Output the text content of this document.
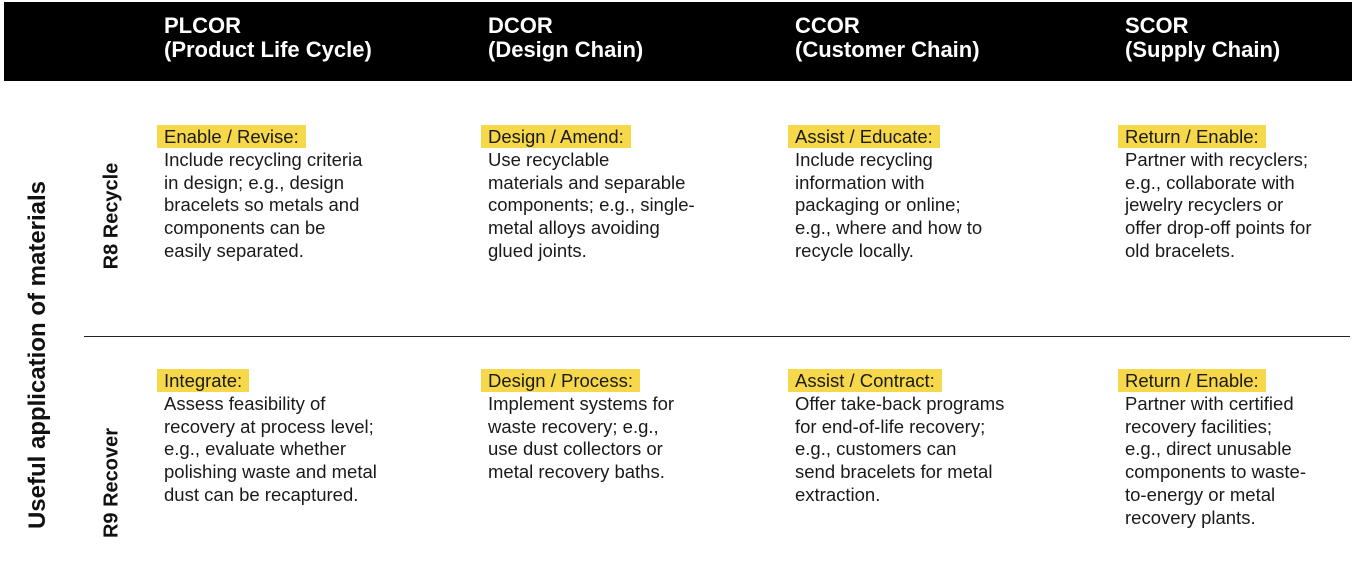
PLCOR
(Product Life Cycle)
DCOR
(Design Chain)
CCOR
(Customer Chain)
SCOR
(Supply Chain)
Useful application of materials R8 Recycle
R9 Recover
Enable / Revise:
Include recycling criteria
in design; e.g., design
bracelets so metals and
components can be
easily separated.
Design / Amend:
Use recyclable
materials and separable
components; e.g., single-
metal alloys avoiding
glued joints.
Assist / Educate:
Include recycling
information with
packaging or online;
e.g., where and how to
recycle locally.
Return / Enable:
Partner with recyclers;
e.g., collaborate with
jewelry recyclers or
offer drop-off points for
old bracelets.
Integrate:
Assess feasibility of
recovery at process level;
e.g., evaluate whether
polishing waste and metal
dust can be recaptured.
Design / Process:
Implement systems for
waste recovery; e.g.,
use dust collectors or
metal recovery baths.
Assist / Contract:
Offer take-back programs
for end-of-life recovery;
e.g., customers can
send bracelets for metal
extraction.
Return / Enable:
Partner with certified
recovery facilities;
e.g., direct unusable
components to waste-
to-energy or metal
recovery plants.
